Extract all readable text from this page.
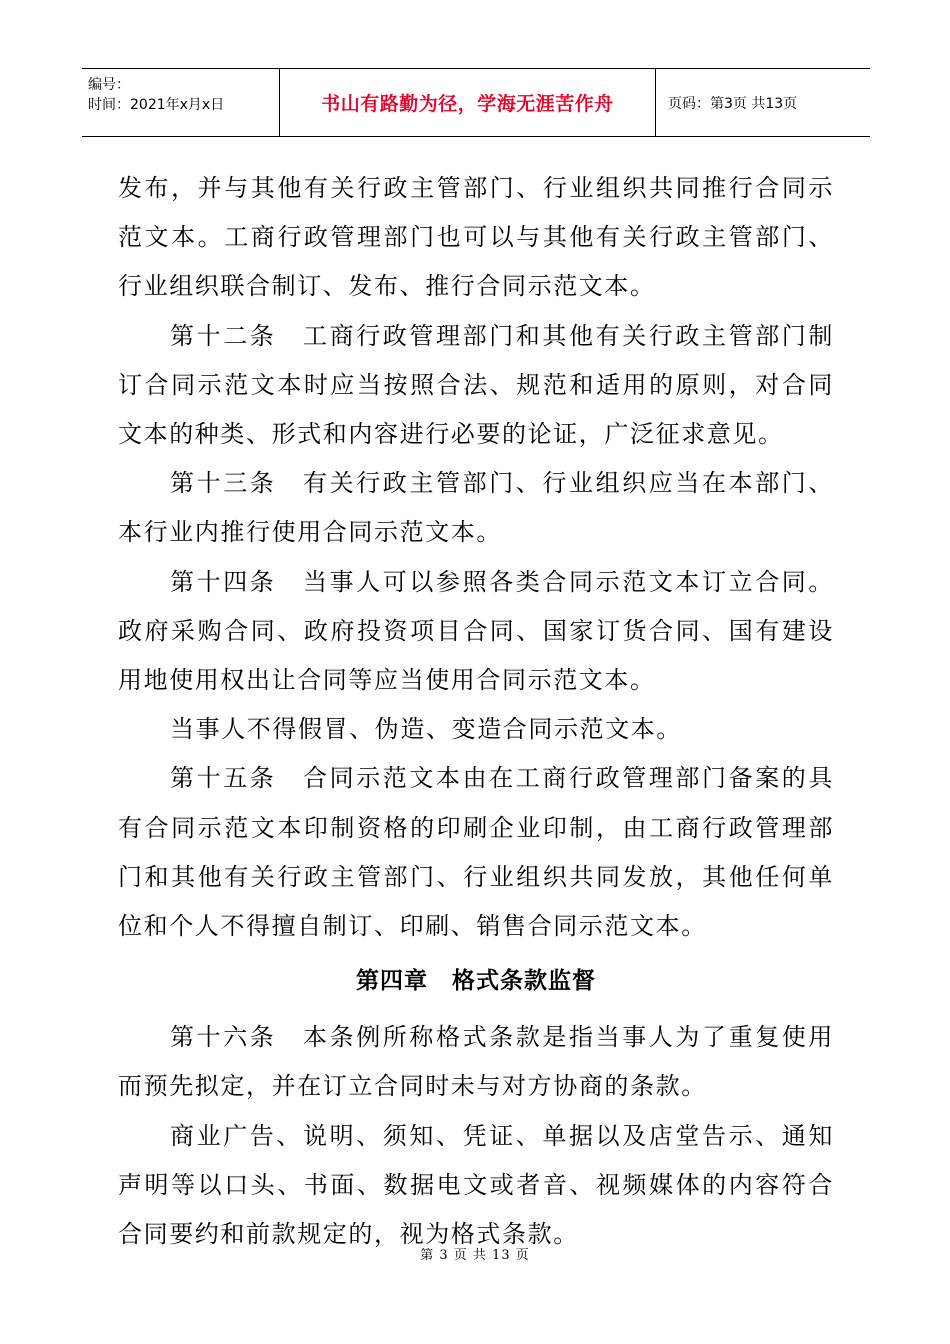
编号：
时间：2021年x月x日	书山有路勤为径，学海无涯苦作舟	页码：第3页 共13页

发布，并与其他有关行政主管部门、行业组织共同推行合同示范文本。工商行政管理部门也可以与其他有关行政主管部门、行业组织联合制订、发布、推行合同示范文本。

第十二条　工商行政管理部门和其他有关行政主管部门制订合同示范文本时应当按照合法、规范和适用的原则，对合同文本的种类、形式和内容进行必要的论证，广泛征求意见。

第十三条　有关行政主管部门、行业组织应当在本部门、本行业内推行使用合同示范文本。

第十四条　当事人可以参照各类合同示范文本订立合同。政府采购合同、政府投资项目合同、国家订货合同、国有建设用地使用权出让合同等应当使用合同示范文本。

当事人不得假冒、伪造、变造合同示范文本。

第十五条　合同示范文本由在工商行政管理部门备案的具有合同示范文本印制资格的印刷企业印制，由工商行政管理部门和其他有关行政主管部门、行业组织共同发放，其他任何单位和个人不得擅自制订、印刷、销售合同示范文本。

第四章　格式条款监督

第十六条　本条例所称格式条款是指当事人为了重复使用而预先拟定，并在订立合同时未与对方协商的条款。

商业广告、说明、须知、凭证、单据以及店堂告示、通知声明等以口头、书面、数据电文或者音、视频媒体的内容符合合同要约和前款规定的，视为格式条款。

第 3 页 共 13 页
